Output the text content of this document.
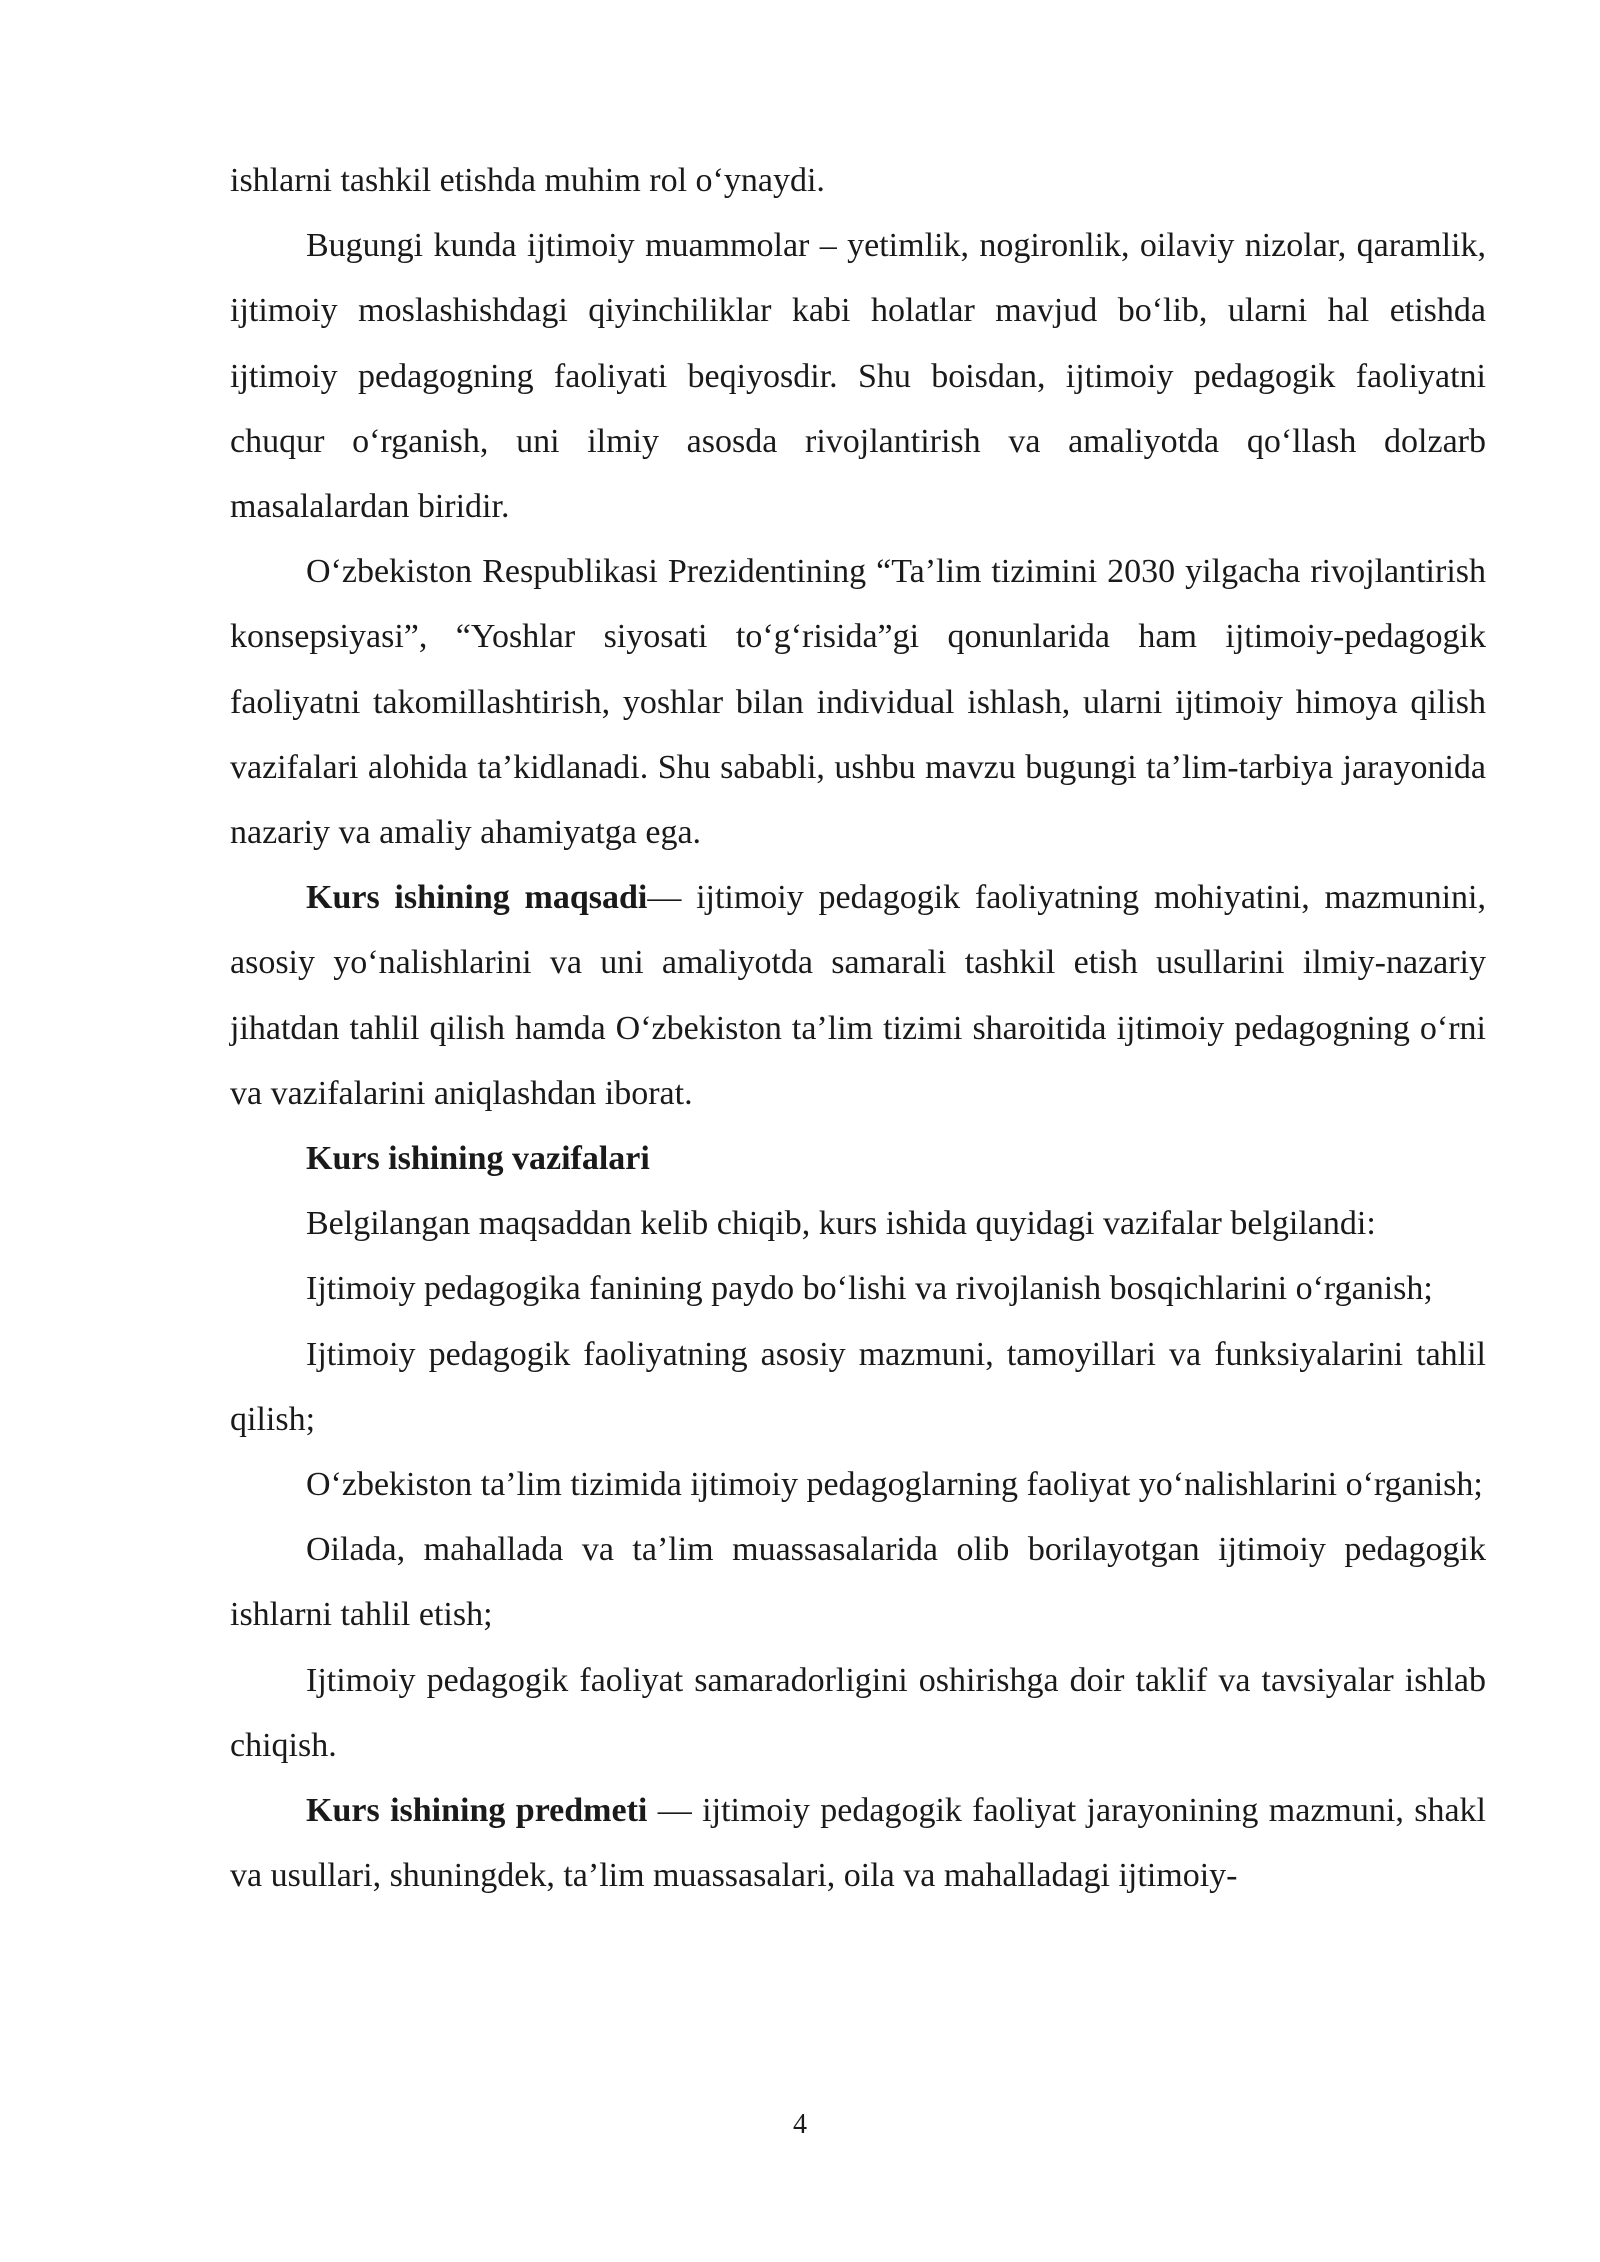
ishlarni tashkil etishda muhim rol o‘ynaydi.

Bugungi kunda ijtimoiy muammolar – yetimlik, nogironlik, oilaviy nizolar, qaramlik, ijtimoiy moslashishdagi qiyinchiliklar kabi holatlar mavjud bo‘lib, ularni hal etishda ijtimoiy pedagogning faoliyati beqiyosdir. Shu boisdan, ijtimoiy pedagogik faoliyatni chuqur o‘rganish, uni ilmiy asosda rivojlantirish va amaliyotda qo‘llash dolzarb masalalardan biridir.

O‘zbekiston Respublikasi Prezidentining “Ta’lim tizimini 2030 yilgacha rivojlantirish konsepsiyasi”, “Yoshlar siyosati to‘g‘risida”gi qonunlarida ham ijtimoiy-pedagogik faoliyatni takomillashtirish, yoshlar bilan individual ishlash, ularni ijtimoiy himoya qilish vazifalari alohida ta’kidlanadi. Shu sababli, ushbu mavzu bugungi ta’lim-tarbiya jarayonida nazariy va amaliy ahamiyatga ega.

Kurs ishining maqsadi— ijtimoiy pedagogik faoliyatning mohiyatini, mazmunini, asosiy yo‘nalishlarini va uni amaliyotda samarali tashkil etish usullarini ilmiy-nazariy jihatdan tahlil qilish hamda O‘zbekiston ta’lim tizimi sharoitida ijtimoiy pedagogning o‘rni va vazifalarini aniqlashdan iborat.

Kurs ishining vazifalari

Belgilangan maqsaddan kelib chiqib, kurs ishida quyidagi vazifalar belgilandi:

Ijtimoiy pedagogika fanining paydo bo‘lishi va rivojlanish bosqichlarini o‘rganish;

Ijtimoiy pedagogik faoliyatning asosiy mazmuni, tamoyillari va funksiyalarini tahlil qilish;

O‘zbekiston ta’lim tizimida ijtimoiy pedagoglarning faoliyat yo‘nalishlarini o‘rganish;

Oilada, mahallada va ta’lim muassasalarida olib borilayotgan ijtimoiy pedagogik ishlarni tahlil etish;

Ijtimoiy pedagogik faoliyat samaradorligini oshirishga doir taklif va tavsiyalar ishlab chiqish.

Kurs ishining predmeti — ijtimoiy pedagogik faoliyat jarayonining mazmuni, shakl va usullari, shuningdek, ta’lim muassasalari, oila va mahalladagi ijtimoiy-

4
